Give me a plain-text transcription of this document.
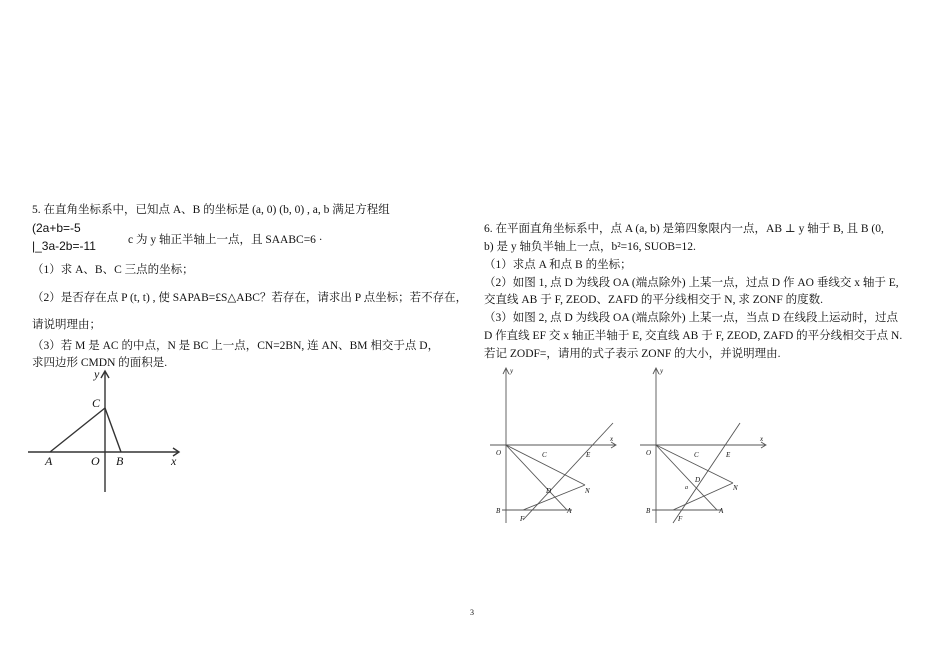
5. 在直角坐标系中，已知点 A、B 的坐标是 (a, 0) (b, 0) , a, b 满足方程组
(2a+b=-5
|_3a-2b=-11	c 为 y 轴正半轴上一点，且 SAABC=6 ·
（1）求 A、B、C 三点的坐标；
（2）是否存在点 P (t, t) , 使 SAPAB=£S△ABC？若存在，请求出 P 点坐标；若不存在，
请说明理由；
（3）若 M 是 AC 的中点，N 是 BC 上一点，CN=2BN, 连 AN、BM 相交于点 D，
求四边形 CMDN 的面积是.
y
C
A	O B	x
6. 在平面直角坐标系中，点 A (a, b) 是第四象限内一点，AB ⊥ y 轴于 B, 且 B (0,
b) 是 y 轴负半轴上一点，b²=16, SUOB=12.
（1）求点 A 和点 B 的坐标；
（2）如图 1, 点 D 为线段 OA (端点除外) 上某一点，过点 D 作 AO 垂线交 x 轴于 E,
交直线 AB 于 F, ZEOD、ZAFD 的平分线相交于 N, 求 ZONF 的度数.
（3）如图 2, 点 D 为线段 OA (端点除外) 上某一点，当点 D 在线段上运动时，过点
D 作直线 EF 交 x 轴正半轴于 E, 交直线 AB 于 F, ZEOD, ZAFD 的平分线相交于点 N.
若记 ZODF=，请用的式子表示 ZONF 的大小，并说明理由.
y
x
O	C	E
D	N
B
F
A
y
x
O	C	E
D
a	N
B
F
A
3
